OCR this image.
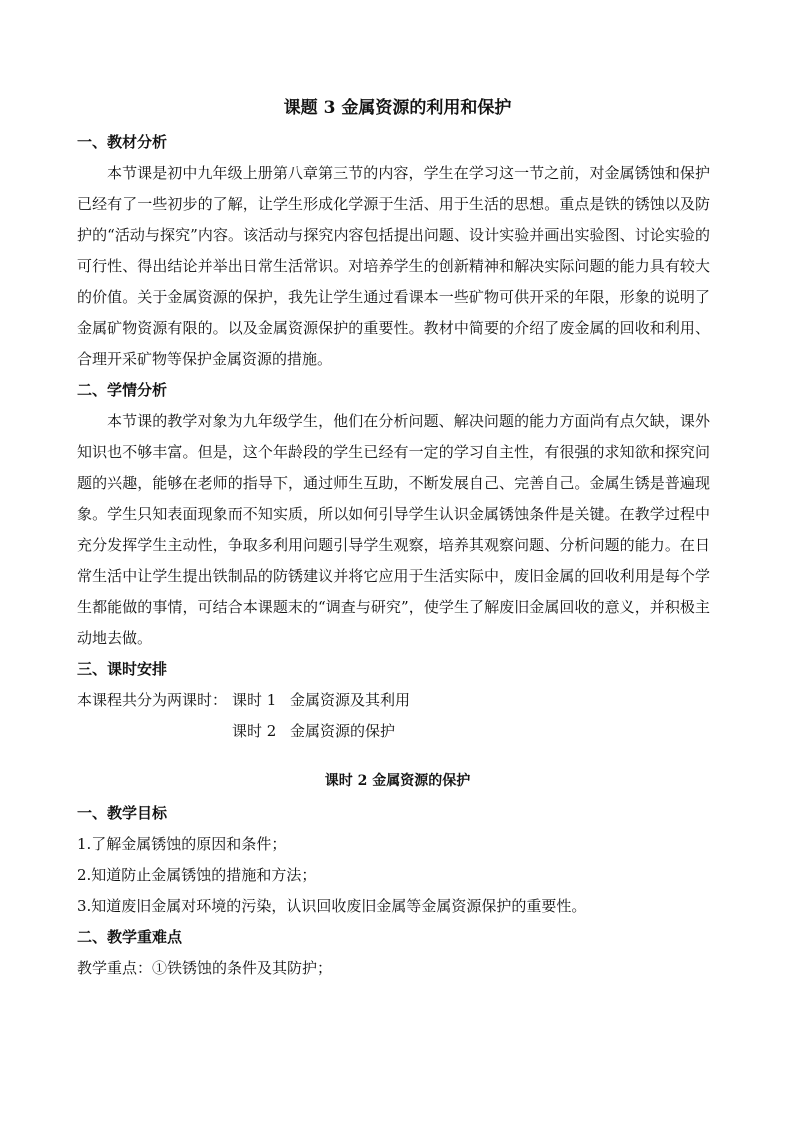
课题 3 金属资源的利用和保护
一、教材分析

本节课是初中九年级上册第八章第三节的内容，学生在学习这一节之前，对金属锈蚀和保护已经有了一些初步的了解，让学生形成化学源于生活、用于生活的思想。重点是铁的锈蚀以及防护的“活动与探究”内容。该活动与探究内容包括提出问题、设计实验并画出实验图、讨论实验的可行性、得出结论并举出日常生活常识。对培养学生的创新精神和解决实际问题的能力具有较大的价值。关于金属资源的保护，我先让学生通过看课本一些矿物可供开采的年限，形象的说明了金属矿物资源有限的。以及金属资源保护的重要性。教材中简要的介绍了废金属的回收和利用、合理开采矿物等保护金属资源的措施。

二、学情分析

本节课的教学对象为九年级学生，他们在分析问题、解决问题的能力方面尚有点欠缺，课外知识也不够丰富。但是，这个年龄段的学生已经有一定的学习自主性，有很强的求知欲和探究问题的兴趣，能够在老师的指导下，通过师生互助，不断发展自己、完善自己。金属生锈是普遍现象。学生只知表面现象而不知实质，所以如何引导学生认识金属锈蚀条件是关键。在教学过程中充分发挥学生主动性，争取多利用问题引导学生观察，培养其观察问题、分析问题的能力。在日常生活中让学生提出铁制品的防锈建议并将它应用于生活实际中，废旧金属的回收利用是每个学生都能做的事情，可结合本课题末的“调查与研究”，使学生了解废旧金属回收的意义，并积极主动地去做。

三、课时安排
本课程共分为两课时： 课时 1 金属资源及其利用
课时 2 金属资源的保护
课时 2 金属资源的保护
一、教学目标

1.了解金属锈蚀的原因和条件；

2.知道防止金属锈蚀的措施和方法；

3.知道废旧金属对环境的污染，认识回收废旧金属等金属资源保护的重要性。

二、教学重难点

教学重点：①铁锈蚀的条件及其防护；
